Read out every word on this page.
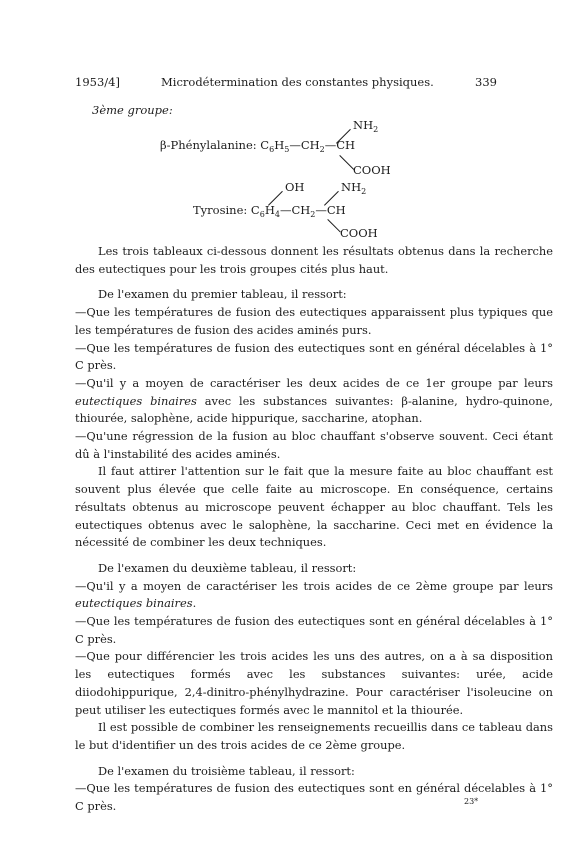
1953/4]	Microdétermination des constantes physiques.	339
3ème groupe:
$NH_2$
β-Phénylalanine: $C_6H_5—CH_2—CH$
COOH
OH	$NH_2$
Tyrosine: $C_6H_4—CH_2—CH$
COOH

Les trois tableaux ci-dessous donnent les résultats obtenus dans la recherche des eutectiques pour les trois groupes cités plus haut.

De l'examen du premier tableau, il ressort:

—Que les températures de fusion des eutectiques apparaissent plus typiques que les températures de fusion des acides aminés purs.

—Que les températures de fusion des eutectiques sont en général décelables à 1° C près.

—Qu'il y a moyen de caractériser les deux acides de ce 1er groupe par leurs eutectiques binaires avec les substances suivantes: β-alanine, hydro-quinone, thiourée, salophène, acide hippurique, saccharine, atophan.

—Qu'une régression de la fusion au bloc chauffant s'observe souvent. Ceci étant dû à l'instabilité des acides aminés.

Il faut attirer l'attention sur le fait que la mesure faite au bloc chauffant est souvent plus élevée que celle faite au microscope. En conséquence, certains résultats obtenus au microscope peuvent échapper au bloc chauffant. Tels les eutectiques obtenus avec le salophène, la saccharine. Ceci met en évidence la nécessité de combiner les deux techniques.

De l'examen du deuxième tableau, il ressort:

—Qu'il y a moyen de caractériser les trois acides de ce 2ème groupe par leurs eutectiques binaires.

—Que les températures de fusion des eutectiques sont en général décelables à 1° C près.

—Que pour différencier les trois acides les uns des autres, on a à sa disposition les eutectiques formés avec les substances suivantes: urée, acide diiodohippurique, 2,4-dinitro-phénylhydrazine. Pour caractériser l'isoleucine on peut utiliser les eutectiques formés avec le mannitol et la thiourée.

Il est possible de combiner les renseignements recueillis dans ce tableau dans le but d'identifier un des trois acides de ce 2ème groupe.

De l'examen du troisième tableau, il ressort:

—Que les températures de fusion des eutectiques sont en général décelables à 1° C près.	23*
